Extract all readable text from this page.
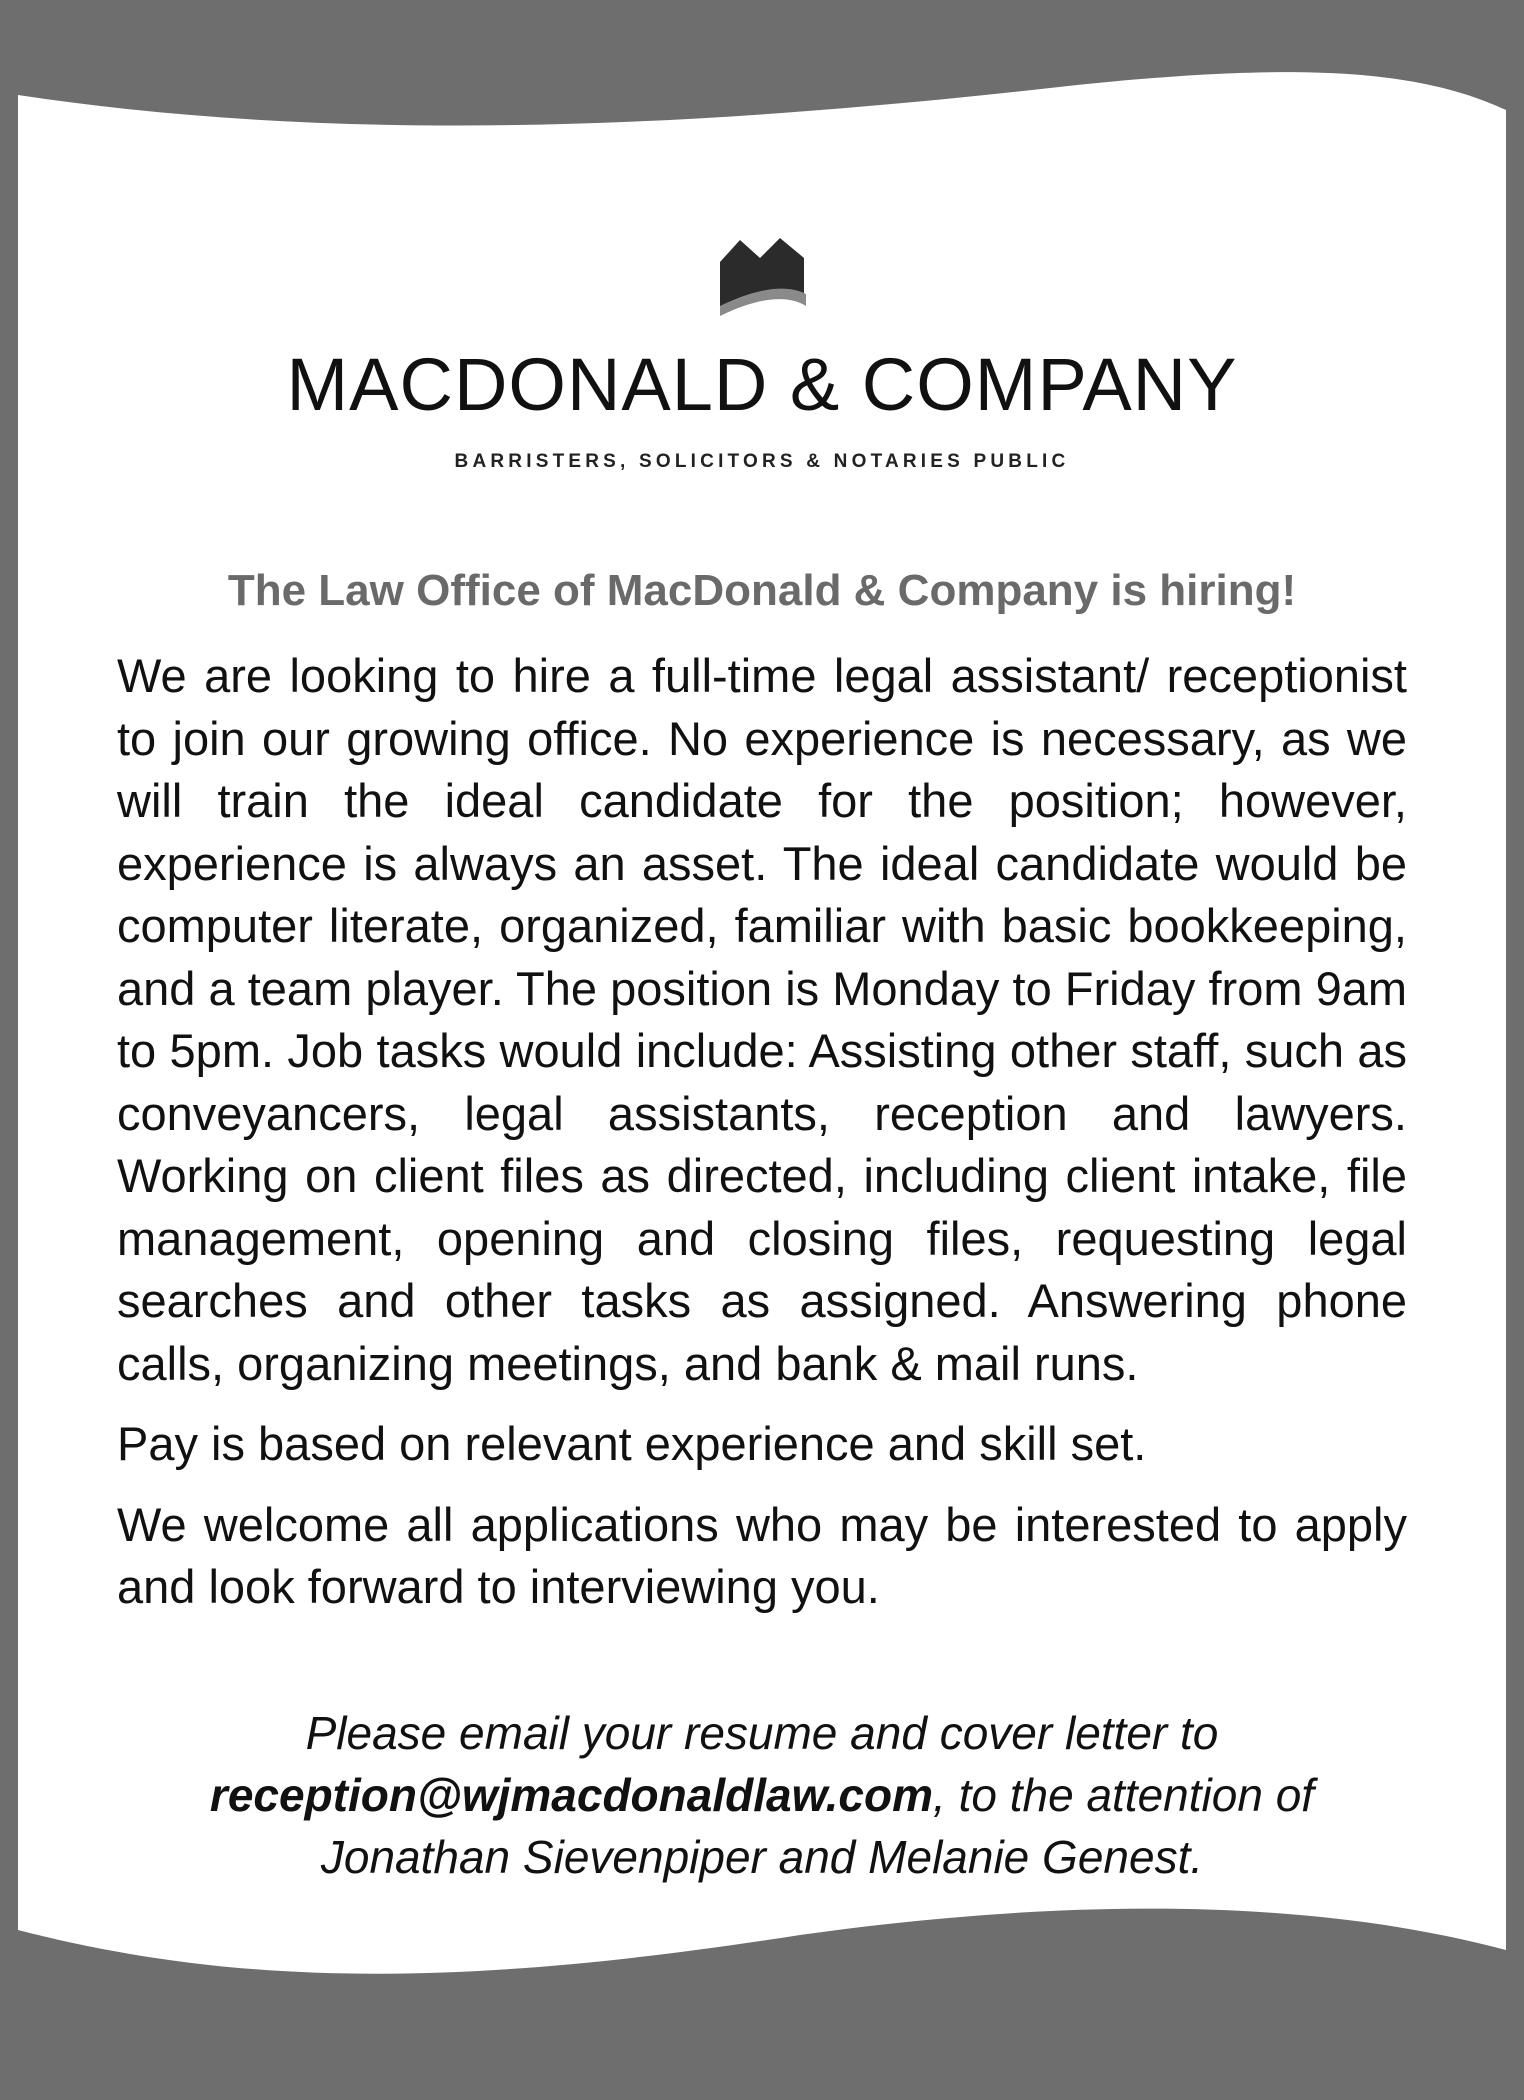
MACDONALD & COMPANY
BARRISTERS, SOLICITORS & NOTARIES PUBLIC
The Law Office of MacDonald & Company is hiring!

We are looking to hire a full-time legal assistant/ receptionist to join our growing office. No experience is necessary, as we will train the ideal candidate for the position; however, experience is always an asset. The ideal candidate would be computer literate, organized, familiar with basic bookkeeping, and a team player. The position is Monday to Friday from 9am to 5pm. Job tasks would include: Assisting other staff, such as conveyancers, legal assistants, reception and lawyers. Working on client files as directed, including client intake, file management, opening and closing files, requesting legal searches and other tasks as assigned. Answering phone calls, organizing meetings, and bank & mail runs.

Pay is based on relevant experience and skill set.

We welcome all applications who may be interested to apply and look forward to interviewing you.

Please email your resume and cover letter to
reception@wjmacdonaldlaw.com, to the attention of
Jonathan Sievenpiper and Melanie Genest.
